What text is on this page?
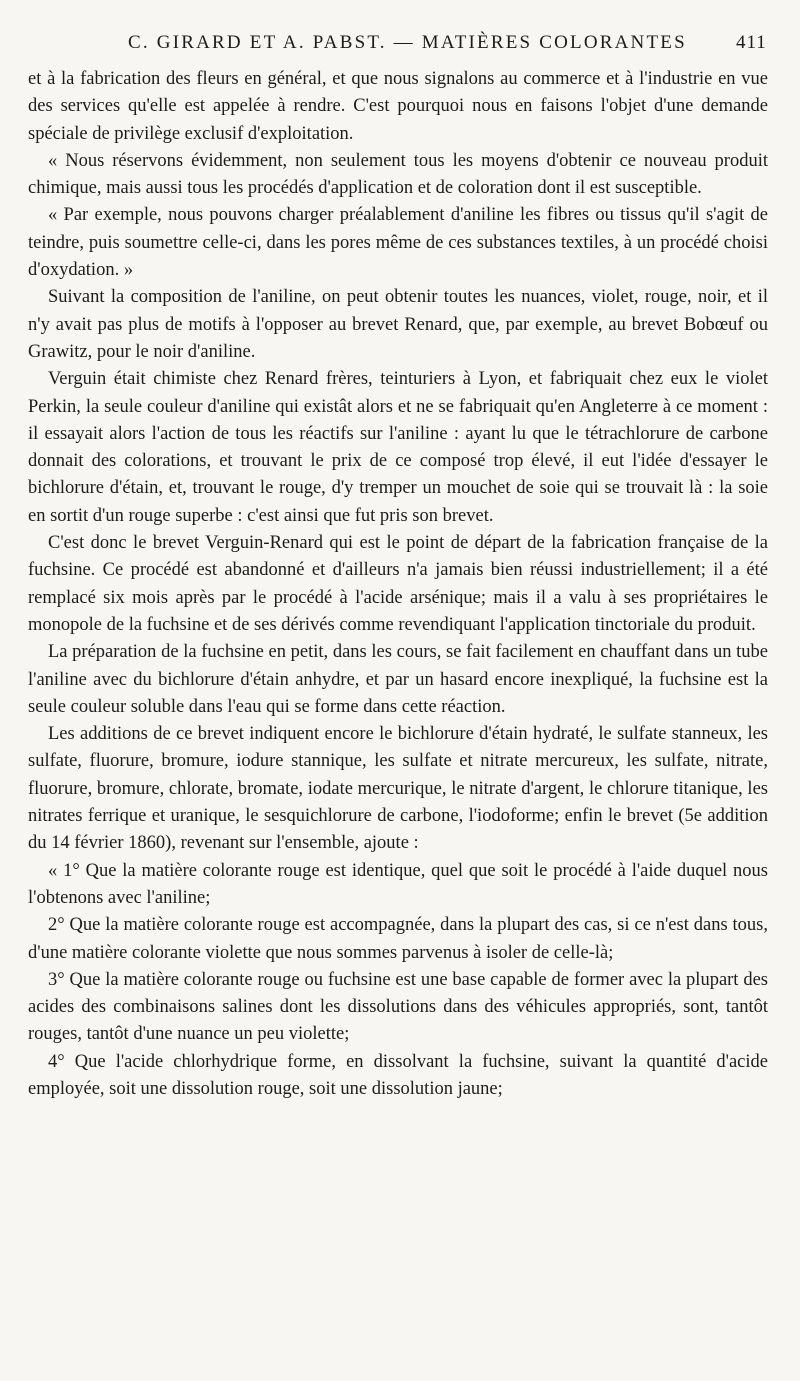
C. GIRARD ET A. PABST. — MATIÈRES COLORANTES	411

et à la fabrication des fleurs en général, et que nous signalons au commerce et à l'industrie en vue des services qu'elle est appelée à rendre. C'est pourquoi nous en faisons l'objet d'une demande spéciale de privilège exclusif d'exploitation.

« Nous réservons évidemment, non seulement tous les moyens d'obtenir ce nouveau produit chimique, mais aussi tous les procédés d'application et de coloration dont il est susceptible.

« Par exemple, nous pouvons charger préalablement d'aniline les fibres ou tissus qu'il s'agit de teindre, puis soumettre celle-ci, dans les pores même de ces substances textiles, à un procédé choisi d'oxydation. »

Suivant la composition de l'aniline, on peut obtenir toutes les nuances, violet, rouge, noir, et il n'y avait pas plus de motifs à l'opposer au brevet Renard, que, par exemple, au brevet Bobœuf ou Grawitz, pour le noir d'aniline.

Verguin était chimiste chez Renard frères, teinturiers à Lyon, et fabriquait chez eux le violet Perkin, la seule couleur d'aniline qui existât alors et ne se fabriquait qu'en Angleterre à ce moment : il essayait alors l'action de tous les réactifs sur l'aniline : ayant lu que le tétrachlorure de carbone donnait des colorations, et trouvant le prix de ce composé trop élevé, il eut l'idée d'essayer le bichlorure d'étain, et, trouvant le rouge, d'y tremper un mouchet de soie qui se trouvait là : la soie en sortit d'un rouge superbe : c'est ainsi que fut pris son brevet.

C'est donc le brevet Verguin-Renard qui est le point de départ de la fabrication française de la fuchsine. Ce procédé est abandonné et d'ailleurs n'a jamais bien réussi industriellement; il a été remplacé six mois après par le procédé à l'acide arsénique; mais il a valu à ses propriétaires le monopole de la fuchsine et de ses dérivés comme revendiquant l'application tinctoriale du produit.

La préparation de la fuchsine en petit, dans les cours, se fait facilement en chauffant dans un tube l'aniline avec du bichlorure d'étain anhydre, et par un hasard encore inexpliqué, la fuchsine est la seule couleur soluble dans l'eau qui se forme dans cette réaction.

Les additions de ce brevet indiquent encore le bichlorure d'étain hydraté, le sulfate stanneux, les sulfate, fluorure, bromure, iodure stannique, les sulfate et nitrate mercureux, les sulfate, nitrate, fluorure, bromure, chlorate, bromate, iodate mercurique, le nitrate d'argent, le chlorure titanique, les nitrates ferrique et uranique, le sesquichlorure de carbone, l'iodoforme; enfin le brevet (5e addition du 14 février 1860), revenant sur l'ensemble, ajoute :

« 1° Que la matière colorante rouge est identique, quel que soit le procédé à l'aide duquel nous l'obtenons avec l'aniline;

2° Que la matière colorante rouge est accompagnée, dans la plupart des cas, si ce n'est dans tous, d'une matière colorante violette que nous sommes parvenus à isoler de celle-là;

3° Que la matière colorante rouge ou fuchsine est une base capable de former avec la plupart des acides des combinaisons salines dont les dissolutions dans des véhicules appropriés, sont, tantôt rouges, tantôt d'une nuance un peu violette;

4° Que l'acide chlorhydrique forme, en dissolvant la fuchsine, suivant la quantité d'acide employée, soit une dissolution rouge, soit une dissolution jaune;
